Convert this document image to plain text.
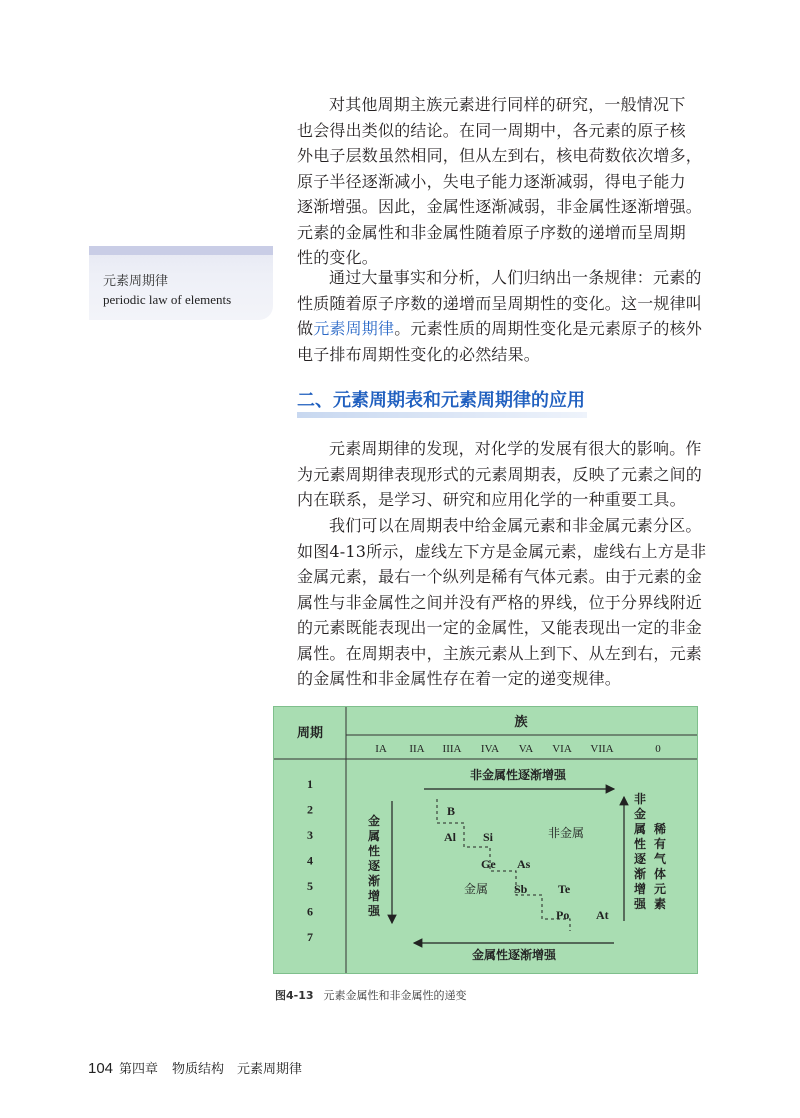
元素周期律
periodic law of elements
对其他周期主族元素进行同样的研究，一般情况下
也会得出类似的结论。在同一周期中，各元素的原子核
外电子层数虽然相同，但从左到右，核电荷数依次增多，
原子半径逐渐减小，失电子能力逐渐减弱，得电子能力
逐渐增强。因此，金属性逐渐减弱，非金属性逐渐增强。
元素的金属性和非金属性随着原子序数的递增而呈周期
性的变化。
通过大量事实和分析，人们归纳出一条规律：元素的
性质随着原子序数的递增而呈周期性的变化。这一规律叫
做元素周期律。元素性质的周期性变化是元素原子的核外
电子排布周期性变化的必然结果。
二、元素周期表和元素周期律的应用
元素周期律的发现，对化学的发展有很大的影响。作
为元素周期律表现形式的元素周期表，反映了元素之间的
内在联系，是学习、研究和应用化学的一种重要工具。
我们可以在周期表中给金属元素和非金属元素分区。
如图4-13所示，虚线左下方是金属元素，虚线右上方是非
金属元素，最右一个纵列是稀有气体元素。由于元素的金
属性与非金属性之间并没有严格的界线，位于分界线附近
的元素既能表现出一定的金属性，又能表现出一定的非金
属性。在周期表中，主族元素从上到下、从左到右，元素
的金属性和非金属性存在着一定的递变规律。
周期
族
IA IIA IIIA IVA VA VIA VIIA	0
1
2
3
4
5
6
7
非金属性逐渐增强
金属性逐渐增强
金
属
性
逐
渐
增
强
非
金
属
性
逐
渐
增
强
稀
有
气
体
元
素
B
Al Si
Ge As
Sb	Te
Po At
非金属
金属
图4-13 元素金属性和非金属性的递变
104 第四章 物质结构　元素周期律
